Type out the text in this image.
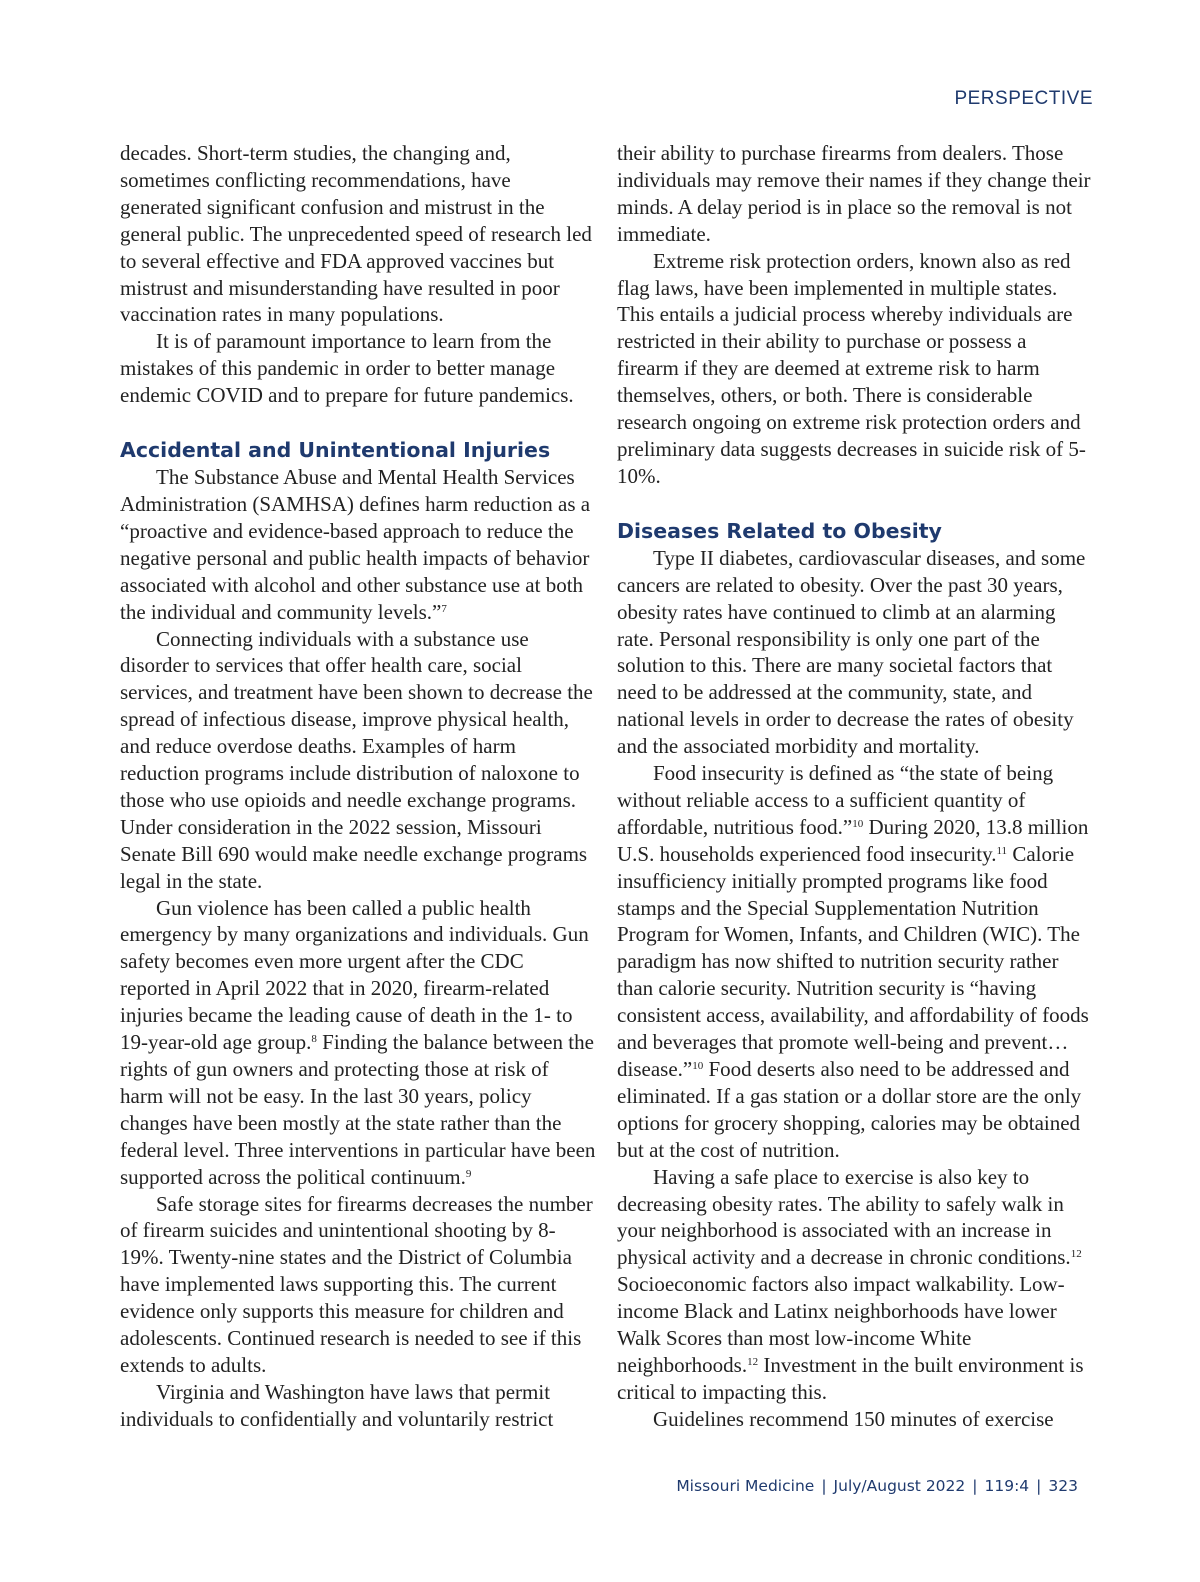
PERSPECTIVE

decades. Short-term studies, the changing and, sometimes conflicting recommendations, have generated significant confusion and mistrust in the general public. The unprecedented speed of research led to several effective and FDA approved vaccines but mistrust and misunderstanding have resulted in poor vaccination rates in many populations.

It is of paramount importance to learn from the mistakes of this pandemic in order to better manage endemic COVID and to prepare for future pandemics.

Accidental and Unintentional Injuries

The Substance Abuse and Mental Health Services Administration (SAMHSA) defines harm reduction as a “proactive and evidence-based approach to reduce the negative personal and public health impacts of behavior associated with alcohol and other substance use at both the individual and community levels.”$^7$

Connecting individuals with a substance use disorder to services that offer health care, social services, and treatment have been shown to decrease the spread of infectious disease, improve physical health, and reduce overdose deaths. Examples of harm reduction programs include distribution of naloxone to those who use opioids and needle exchange programs. Under consideration in the 2022 session, Missouri Senate Bill 690 would make needle exchange programs legal in the state.

Gun violence has been called a public health emergency by many organizations and individuals. Gun safety becomes even more urgent after the CDC reported in April 2022 that in 2020, firearm-related injuries became the leading cause of death in the 1- to 19-year-old age group.$^8$ Finding the balance between the rights of gun owners and protecting those at risk of harm will not be easy. In the last 30 years, policy changes have been mostly at the state rather than the federal level. Three interventions in particular have been supported across the political continuum.$^9$

Safe storage sites for firearms decreases the number of firearm suicides and unintentional shooting by 8-19%. Twenty-nine states and the District of Columbia have implemented laws supporting this. The current evidence only supports this measure for children and adolescents. Continued research is needed to see if this extends to adults.

Virginia and Washington have laws that permit individuals to confidentially and voluntarily restrict

their ability to purchase firearms from dealers. Those individuals may remove their names if they change their minds. A delay period is in place so the removal is not immediate.

Extreme risk protection orders, known also as red flag laws, have been implemented in multiple states. This entails a judicial process whereby individuals are restricted in their ability to purchase or possess a firearm if they are deemed at extreme risk to harm themselves, others, or both. There is considerable research ongoing on extreme risk protection orders and preliminary data suggests decreases in suicide risk of 5-10%.

Diseases Related to Obesity

Type II diabetes, cardiovascular diseases, and some cancers are related to obesity. Over the past 30 years, obesity rates have continued to climb at an alarming rate. Personal responsibility is only one part of the solution to this. There are many societal factors that need to be addressed at the community, state, and national levels in order to decrease the rates of obesity and the associated morbidity and mortality.

Food insecurity is defined as “the state of being without reliable access to a sufficient quantity of affordable, nutritious food.”$^{10}$ During 2020, 13.8 million U.S. households experienced food insecurity.$^{11}$ Calorie insufficiency initially prompted programs like food stamps and the Special Supplementation Nutrition Program for Women, Infants, and Children (WIC). The paradigm has now shifted to nutrition security rather than calorie security. Nutrition security is “having consistent access, availability, and affordability of foods and beverages that promote well-being and prevent…disease.”$^{10}$ Food deserts also need to be addressed and eliminated. If a gas station or a dollar store are the only options for grocery shopping, calories may be obtained but at the cost of nutrition.

Having a safe place to exercise is also key to decreasing obesity rates. The ability to safely walk in your neighborhood is associated with an increase in physical activity and a decrease in chronic conditions.$^{12}$ Socioeconomic factors also impact walkability. Low-income Black and Latinx neighborhoods have lower Walk Scores than most low-income White neighborhoods.$^{12}$ Investment in the built environment is critical to impacting this.

Guidelines recommend 150 minutes of exercise

Missouri Medicine | July/August 2022 | 119:4 | 323
